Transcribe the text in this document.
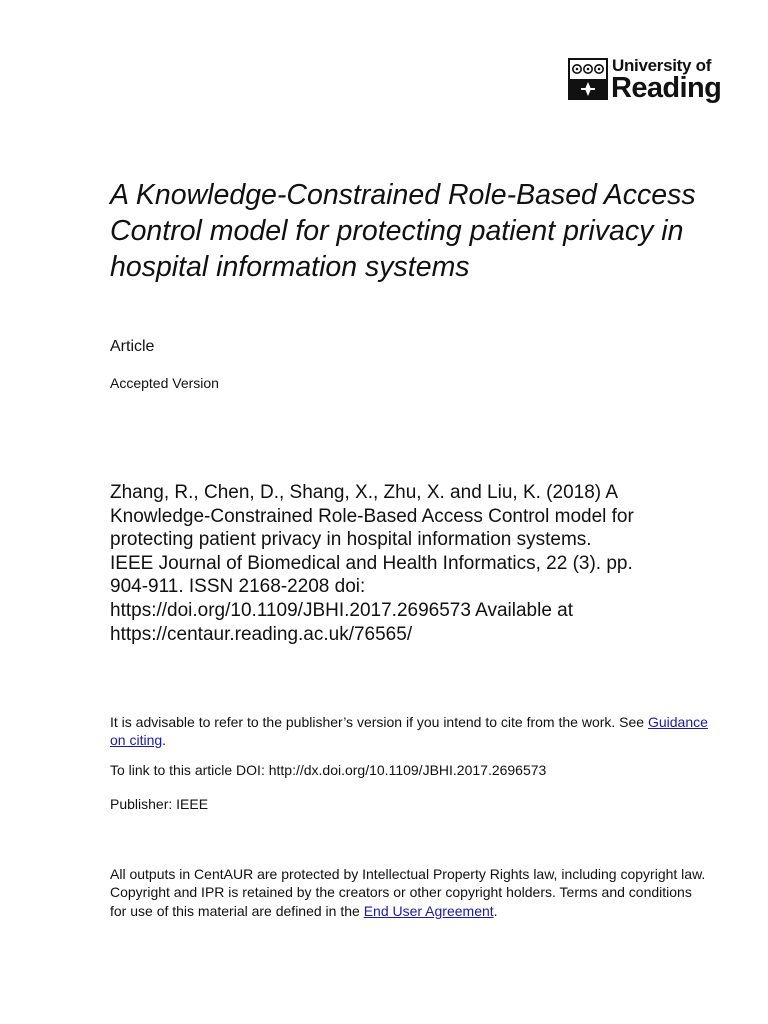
University of
Reading
A Knowledge-Constrained Role-Based Access Control model for protecting patient privacy in hospital information systems
Article
Accepted Version
Zhang, R., Chen, D., Shang, X., Zhu, X. and Liu, K. (2018) A
Knowledge-Constrained Role-Based Access Control model for
protecting patient privacy in hospital information systems.
IEEE Journal of Biomedical and Health Informatics, 22 (3). pp.
904-911. ISSN 2168-2208 doi:
https://doi.org/10.1109/JBHI.2017.2696573 Available at
https://centaur.reading.ac.uk/76565/
It is advisable to refer to the publisher’s version if you intend to cite from the work. See Guidance on citing.
To link to this article DOI: http://dx.doi.org/10.1109/JBHI.2017.2696573
Publisher: IEEE
All outputs in CentAUR are protected by Intellectual Property Rights law, including copyright law. Copyright and IPR is retained by the creators or other copyright holders. Terms and conditions for use of this material are defined in the End User Agreement.
